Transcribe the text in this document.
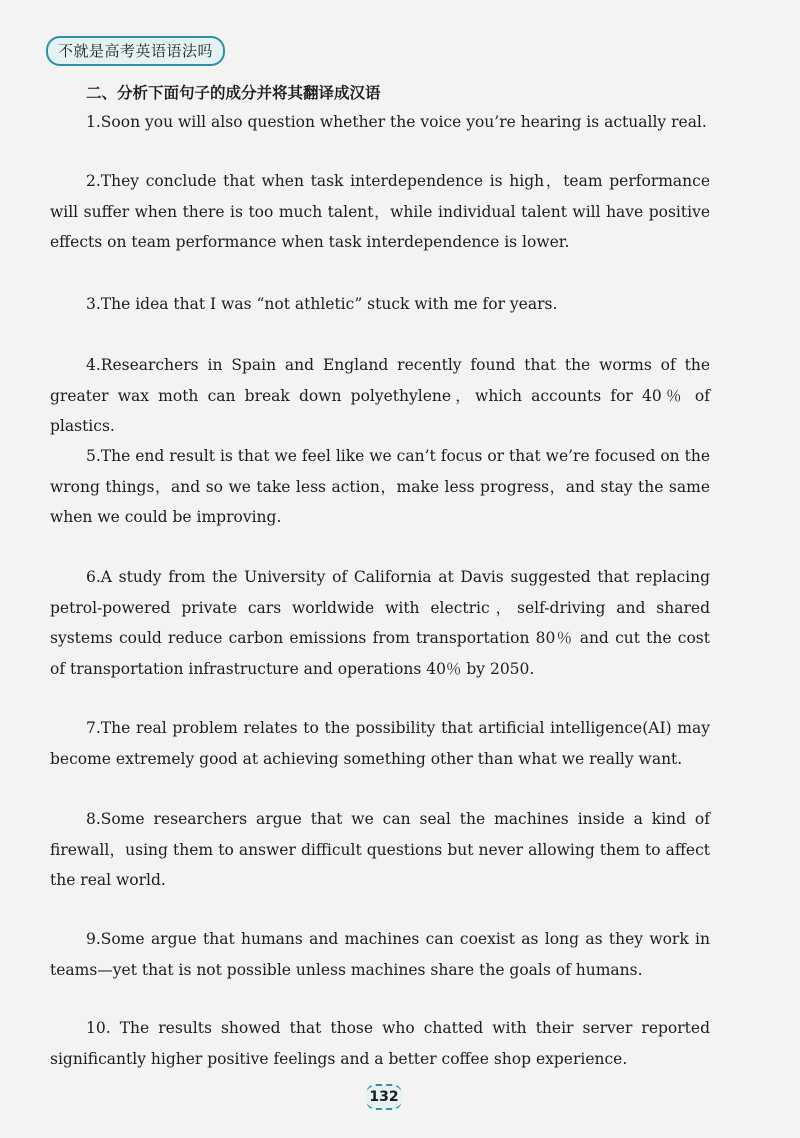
不就是高考英语语法吗
二、分析下面句子的成分并将其翻译成汉语

1.Soon you will also question whether the voice you’re hearing is actually real.

2.They conclude that when task interdependence is high，team performance will suffer when there is too much talent，while individual talent will have positive effects on team performance when task interdependence is lower.

3.The idea that I was “not athletic” stuck with me for years.

4.Researchers in Spain and England recently found that the worms of the greater wax moth can break down polyethylene，which accounts for 40％ of plastics.

5.The end result is that we feel like we can’t focus or that we’re focused on the wrong things，and so we take less action，make less progress，and stay the same when we could be improving.

6.A study from the University of California at Davis suggested that replacing petrol-powered private cars worldwide with electric，self-driving and shared systems could reduce carbon emissions from transportation 80％ and cut the cost of transportation infrastructure and operations 40％ by 2050.

7.The real problem relates to the possibility that artificial intelligence(AI) may become extremely good at achieving something other than what we really want.

8.Some researchers argue that we can seal the machines inside a kind of firewall，using them to answer difficult questions but never allowing them to affect the real world.

9.Some argue that humans and machines can coexist as long as they work in teams—yet that is not possible unless machines share the goals of humans.

10. The results showed that those who chatted with their server reported significantly higher positive feelings and a better coffee shop experience.

132
